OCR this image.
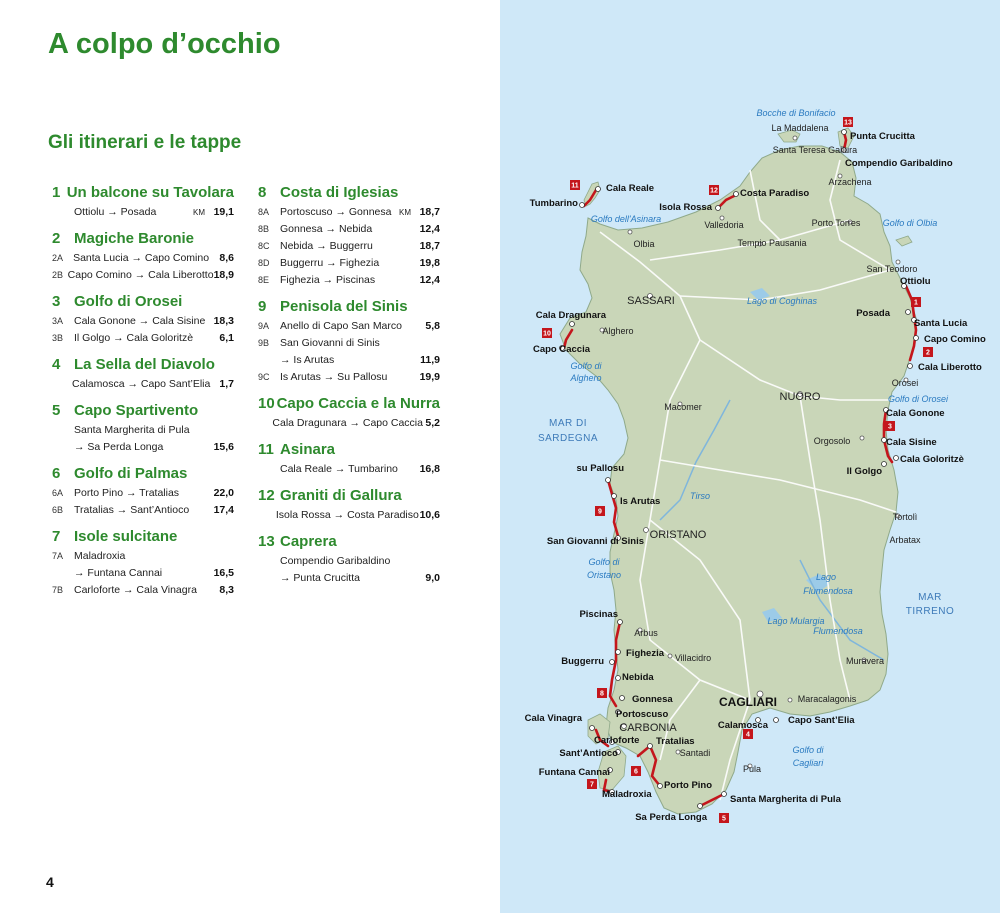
A colpo d’occhio
Gli itinerari e le tappe
1 Un balcone su Tavolara
Ottiolu → Posada	KM 19,1
2 Magiche Baronie
2A Santa Lucia → Capo Comino 8,6
2B Capo Comino → Cala Liberotto 18,9
3 Golfo di Orosei
3A	Cala Gonone → Cala Sisine 18,3
3B	Il Golgo → Cala Goloritzè	6,1
4 La Sella del Diavolo
Calamosca → Capo Sant’Elia 1,7
5 Capo Spartivento
Santa Margherita di Pula
→ Sa Perda Longa	15,6
6 Golfo di Palmas
6A	Porto Pino → Tratalias	22,0
6B	Tratalias → Sant’Antioco	17,4
7 Isole sulcitane
7A	Maladroxia
→ Funtana Cannai	16,5
7B	Carloforte → Cala Vinagra	8,3
8 Costa di Iglesias
8A	Portoscuso → Gonnesa KM 18,7
8B	Gonnesa → Nebida	12,4
8C Nebida → Buggerru	18,7
8D Buggerru → Fighezia	19,8
8E	Fighezia → Piscinas	12,4
9 Penisola del Sinis
9A	Anello di Capo San Marco	5,8
9B	San Giovanni di Sinis
→ Is Arutas	11,9
9C Is Arutas → Su Pallosu	19,9
10 Capo Caccia e la Nurra
Cala Dragunara → Capo Caccia 5,2
11 Asinara
Cala Reale → Tumbarino	16,8
12 Graniti di Gallura
Isola Rossa → Costa Paradiso 10,6
13 Caprera
Compendio Garibaldino
→ Punta Crucitta	9,0
4
13
12
11
1
2
10
3
9
8
7
6
4
5
Punta Crucitta
Compendio Garibaldino
Costa Paradiso
Isola Rossa
Cala Reale
Tumbarino
Ottiolu
Posada
Santa Lucia
Capo Comino
Cala Liberotto
Cala Dragunara
Capo Caccia
Cala Gonone
Cala Sisine
Cala Goloritzè
Il Golgo
su Pallosu
Is Arutas
San Giovanni di Sinis
Piscinas
Fighezia
Buggerru
Nebida
Gonnesa
Portoscuso
Cala Vinagra
Carloforte Tratalias
Sant’Antioco
Funtana Cannai
Maladroxia
Porto Pino
Santa Margherita di Pula
Sa Perda Longa
Calamosca Capo Sant’Elia
La Maddalena
Santa Teresa Gallura
Arzachena
Valledoria
Olbia
Porto Torres
Tempio Pausania
San Teodoro
Alghero
Orosei
Macomer
Orgosolo
Tortolì
Arbatax
Arbus
Villacidro	Muravera
Maracalagonis
Santadi
Pula
SASSARI
NUORO
ORISTANO
CAGLIARI
CARBONIA
Bocche di Bonifacio
Golfo dell'Asinara	Golfo di Olbia
Lago di Coghinas
Golfo di Orosei
Golfo di
Alghero
Tirso
Golfo di
Oristano	Lago
Flumendosa
Flumendosa
Lago Mulargia
Golfo di
Cagliari
MAR DI
SARDEGNA
MAR
TIRRENO
